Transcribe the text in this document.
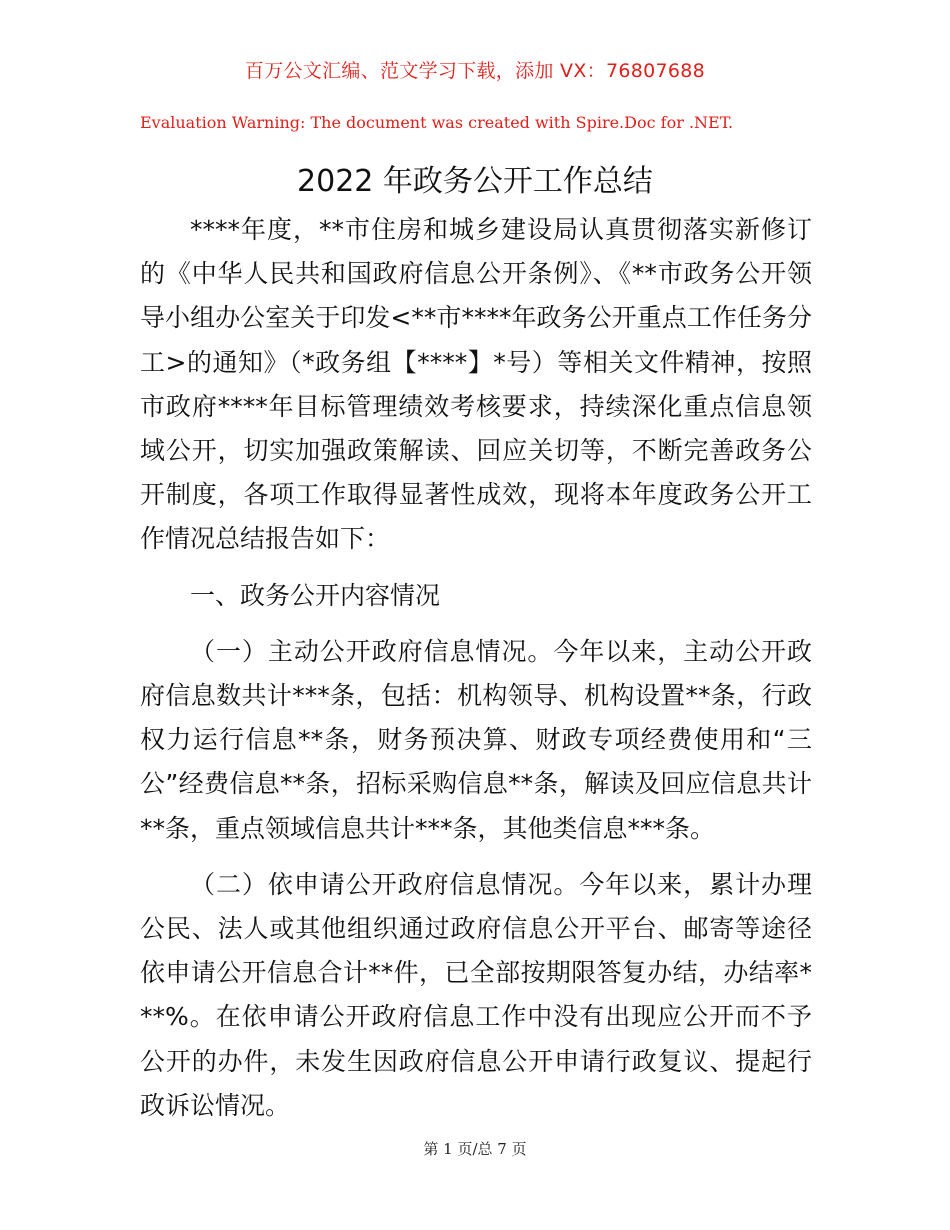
百万公文汇编、范文学习下载，添加 VX：76807688
Evaluation Warning: The document was created with Spire.Doc for .NET.
2022 年政务公开工作总结

****年度，**市住房和城乡建设局认真贯彻落实新修订的《中华人民共和国政府信息公开条例》、《**市政务公开领导小组办公室关于印发<**市****年政务公开重点工作任务分工>的通知》（*政务组【****】*号）等相关文件精神，按照市政府****年目标管理绩效考核要求，持续深化重点信息领域公开，切实加强政策解读、回应关切等，不断完善政务公开制度，各项工作取得显著性成效，现将本年度政务公开工作情况总结报告如下：

一、政务公开内容情况

（一）主动公开政府信息情况。今年以来，主动公开政府信息数共计***条，包括：机构领导、机构设置**条，行政权力运行信息**条，财务预决算、财政专项经费使用和“三公”经费信息**条，招标采购信息**条，解读及回应信息共计**条，重点领域信息共计***条，其他类信息***条。

（二）依申请公开政府信息情况。今年以来，累计办理公民、法人或其他组织通过政府信息公开平台、邮寄等途径依申请公开信息合计**件，已全部按期限答复办结，办结率***%。在依申请公开政府信息工作中没有出现应公开而不予公开的办件，未发生因政府信息公开申请行政复议、提起行政诉讼情况。

第 1 页/总 7 页
